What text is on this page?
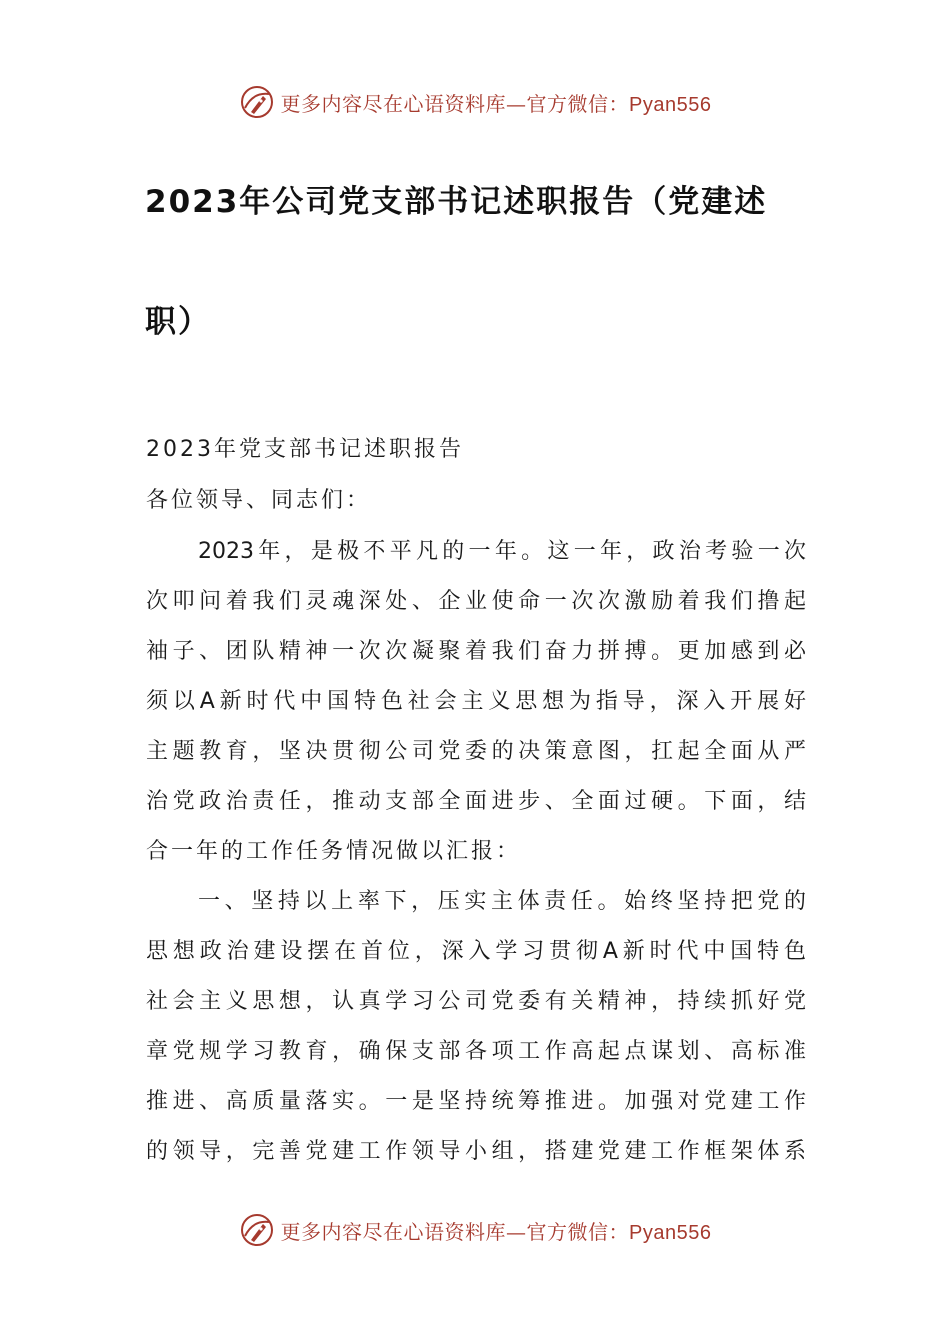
更多内容尽在心语资料库—官方微信：Pyan556
2023年公司党支部书记述职报告（党建述
职）
2023年党支部书记述职报告
各位领导、同志们：
2023年，是极不平凡的一年。这一年，政治考验一次
次叩问着我们灵魂深处、企业使命一次次激励着我们撸起
袖子、团队精神一次次凝聚着我们奋力拼搏。更加感到必
须以A新时代中国特色社会主义思想为指导，深入开展好
主题教育，坚决贯彻公司党委的决策意图，扛起全面从严
治党政治责任，推动支部全面进步、全面过硬。下面，结
合一年的工作任务情况做以汇报：
一、坚持以上率下，压实主体责任。始终坚持把党的
思想政治建设摆在首位，深入学习贯彻A新时代中国特色
社会主义思想，认真学习公司党委有关精神，持续抓好党
章党规学习教育，确保支部各项工作高起点谋划、高标准
推进、高质量落实。一是坚持统筹推进。加强对党建工作
的领导，完善党建工作领导小组，搭建党建工作框架体系
更多内容尽在心语资料库—官方微信：Pyan556
